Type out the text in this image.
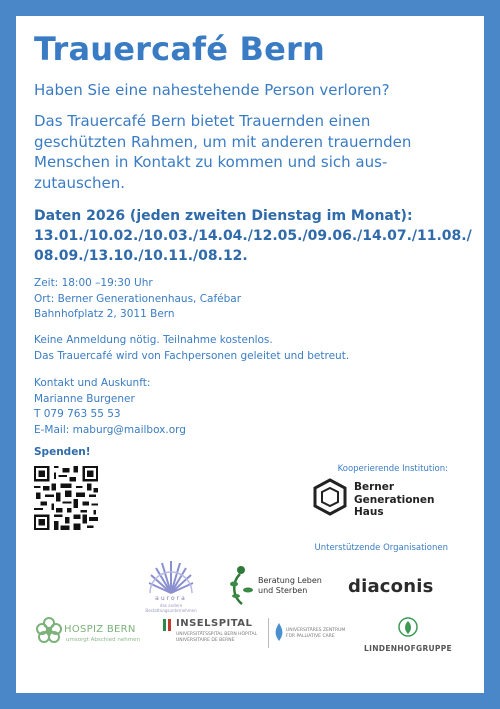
Trauercafé Bern
Haben Sie eine nahestehende Person verloren?
Das Trauercafé Bern bietet Trauernden einen geschützten Rahmen, um mit anderen trauernden Menschen in Kontakt zu kommen und sich aus-zutauschen.
Daten 2026 (jeden zweiten Dienstag im Monat):
13.01./10.02./10.03./14.04./12.05./09.06./14.07./11.08./
08.09./13.10./10.11./08.12.
Zeit: 18:00 –19:30 Uhr
Ort: Berner Generationenhaus, Cafébar
Bahnhofplatz 2, 3011 Bern
Keine Anmeldung nötig. Teilnahme kostenlos.
Das Trauercafé wird von Fachpersonen geleitet und betreut.
Kontakt und Auskunft:
Marianne Burgener
T 079 763 55 53
E-Mail: maburg@mailbox.org
Spenden!
Kooperierende Institution:
Berner
Generationen
Haus
Unterstützende Organisationen
aurora
das andere Bestattungsunternehmen
Beratung Leben
und Sterben	diaconis
HOSPIZ BERN
umsorgt Abschied nehmen
INSELSPITAL
UNIVERSITÄTSSPITAL BERN HÔPITAL UNIVERSITAIRE DE BERNE
UNIVERSITÄRES ZENTRUM FÜR PALLIATIVE CARE
LINDENHOFGRUPPE
